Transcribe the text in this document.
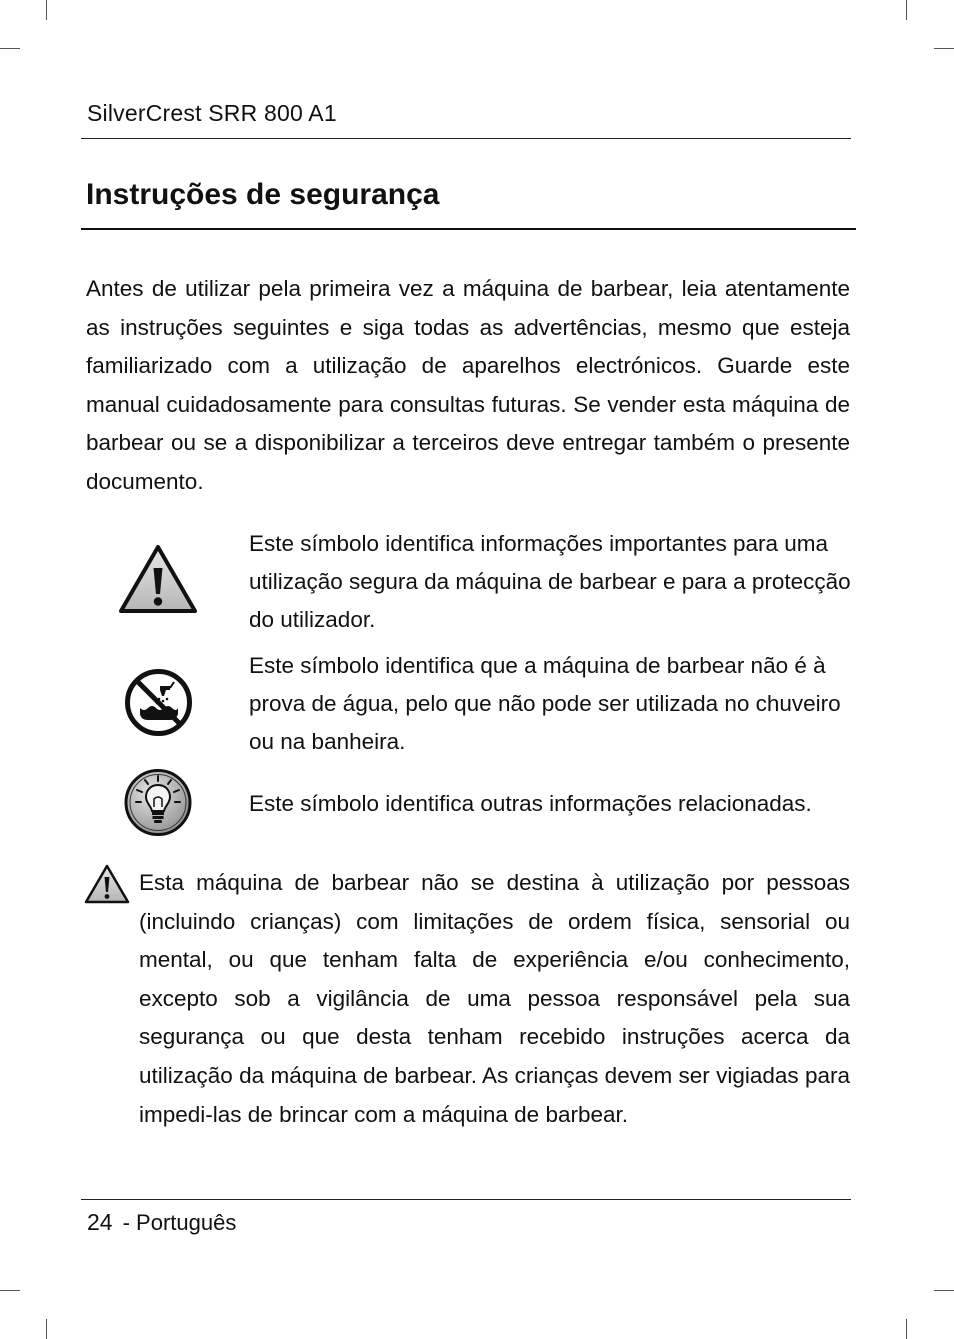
SilverCrest SRR 800 A1
Instruções de segurança

Antes de utilizar pela primeira vez a máquina de barbear, leia atentamente as instruções seguintes e siga todas as advertências, mesmo que esteja familiarizado com a utilização de aparelhos electrónicos. Guarde este manual cuidadosamente para consultas futuras. Se vender esta máquina de barbear ou se a disponibilizar a terceiros deve entregar também o presente documento.

Este símbolo identifica informações importantes para uma utilização segura da máquina de barbear e para a protecção do utilizador.

Este símbolo identifica que a máquina de barbear não é à prova de água, pelo que não pode ser utilizada no chuveiro ou na banheira.

Este símbolo identifica outras informações relacionadas.

Esta máquina de barbear não se destina à utilização por pessoas (incluindo crianças) com limitações de ordem física, sensorial ou mental, ou que tenham falta de experiência e/ou conhecimento, excepto sob a vigilância de uma pessoa responsável pela sua segurança ou que desta tenham recebido instruções acerca da utilização da máquina de barbear. As crianças devem ser vigiadas para impedi-las de brincar com a máquina de barbear.

24 - Português
